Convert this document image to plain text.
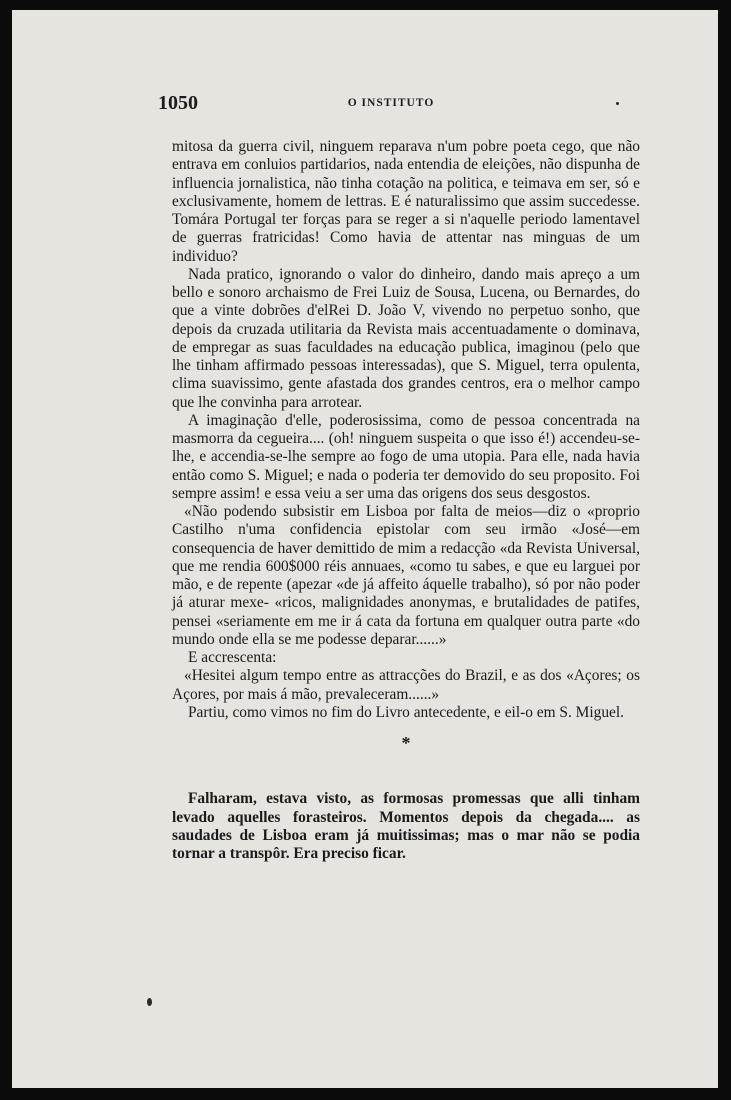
1050	O INSTITUTO

mitosa da guerra civil, ninguem reparava n'um pobre poeta cego, que não entrava em conluios partidarios, nada entendia de eleições, não dispunha de influencia jornalistica, não tinha cotação na politica, e teimava em ser, só e exclusivamente, homem de lettras. E é naturalissimo que assim succedesse. Tomára Portugal ter forças para se reger a si n'aquelle periodo lamentavel de guerras fratricidas! Como havia de attentar nas minguas de um individuo?

Nada pratico, ignorando o valor do dinheiro, dando mais apreço a um bello e sonoro archaismo de Frei Luiz de Sousa, Lucena, ou Bernardes, do que a vinte dobrões d'elRei D. João V, vivendo no perpetuo sonho, que depois da cruzada utilitaria da Revista mais accentuadamente o dominava, de empregar as suas faculdades na educação publica, imaginou (pelo que lhe tinham affirmado pessoas interessadas), que S. Miguel, terra opulenta, clima suavissimo, gente afastada dos grandes centros, era o melhor campo que lhe convinha para arrotear.

A imaginação d'elle, poderosissima, como de pessoa concentrada na masmorra da cegueira.... (oh! ninguem suspeita o que isso é!) accendeu-se-lhe, e accendia-se-lhe sempre ao fogo de uma utopia. Para elle, nada havia então como S. Miguel; e nada o poderia ter demovido do seu proposito. Foi sempre assim! e essa veiu a ser uma das origens dos seus desgostos.

«Não podendo subsistir em Lisboa por falta de meios—diz o «proprio Castilho n'uma confidencia epistolar com seu irmão «José—em consequencia de haver demittido de mim a redacção «da Revista Universal, que me rendia 600$000 réis annuaes, «como tu sabes, e que eu larguei por mão, e de repente (apezar «de já affeito áquelle trabalho), só por não poder já aturar mexe- «ricos, malignidades anonymas, e brutalidades de patifes, pensei «seriamente em me ir á cata da fortuna em qualquer outra parte «do mundo onde ella se me podesse deparar......»

E accrescenta:

«Hesitei algum tempo entre as attracções do Brazil, e as dos «Açores; os Açores, por mais á mão, prevaleceram......»

Partiu, como vimos no fim do Livro antecedente, e eil-o em S. Miguel.

*

Falharam, estava visto, as formosas promessas que alli tinham levado aquelles forasteiros. Momentos depois da chegada.... as saudades de Lisboa eram já muitissimas; mas o mar não se podia tornar a transpôr. Era preciso ficar.
